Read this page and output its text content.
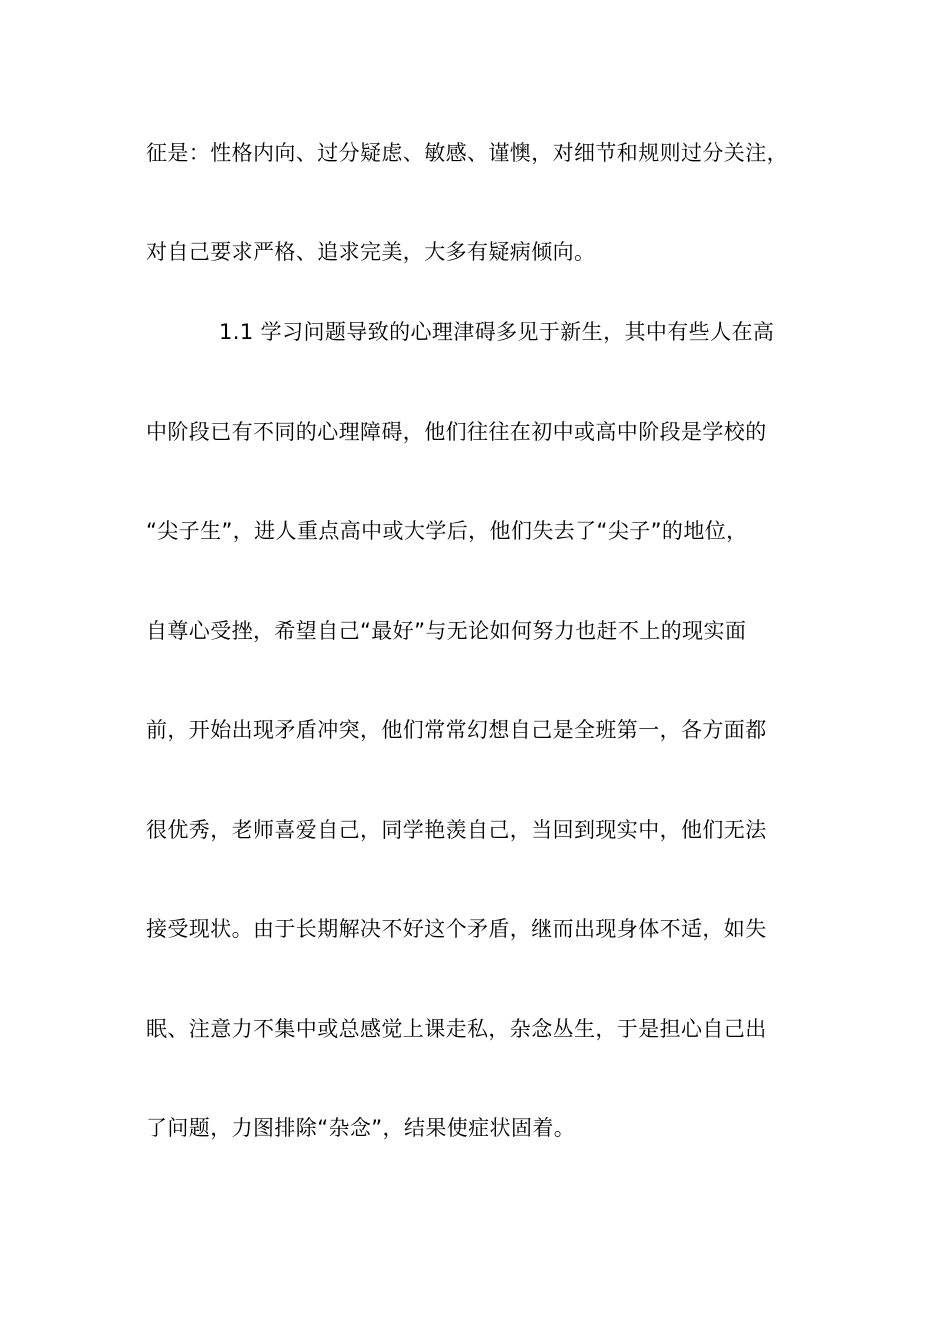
征是：性格内向、过分疑虑、敏感、谨懊，对细节和规则过分关注，
对自己要求严格、追求完美，大多有疑病倾向。
1.1 学习问题导致的心理津碍多见于新生，其中有些人在高
中阶段已有不同的心理障碍，他们往往在初中或高中阶段是学校的
“尖子生”，进人重点高中或大学后，他们失去了“尖子”的地位，
自尊心受挫，希望自己“最好”与无论如何努力也赶不上的现实面
前，开始出现矛盾冲突，他们常常幻想自己是全班第一，各方面都
很优秀，老师喜爱自己，同学艳羡自己，当回到现实中，他们无法
接受现状。由于长期解决不好这个矛盾，继而出现身体不适，如失
眠、注意力不集中或总感觉上课走私，杂念丛生，于是担心自己出
了问题，力图排除“杂念”，结果使症状固着。
